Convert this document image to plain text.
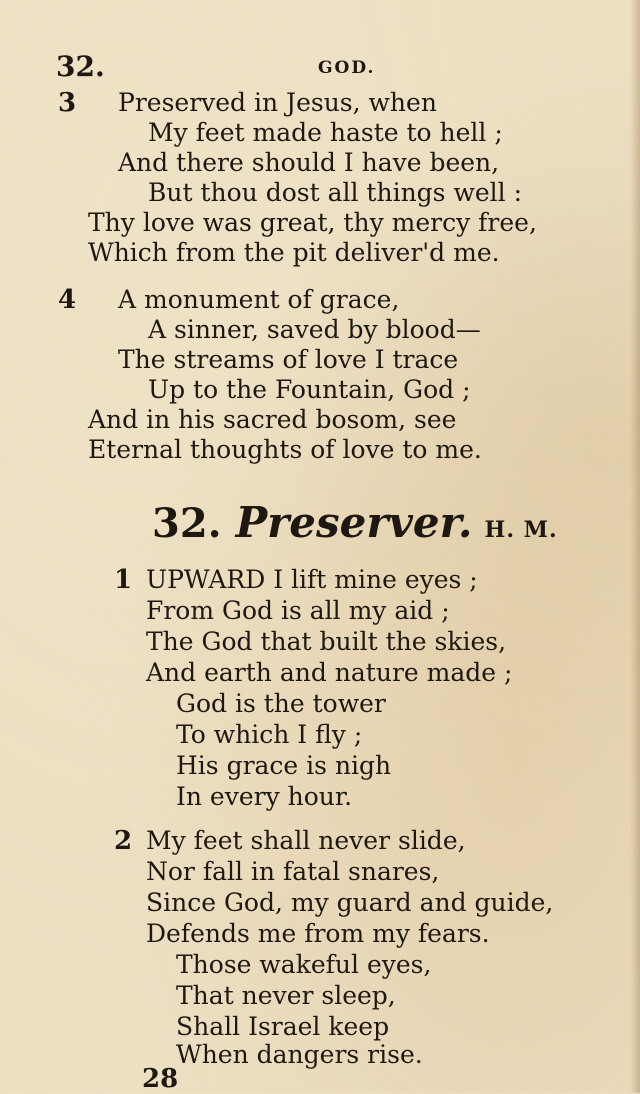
32.	GOD.
3 Preserved in Jesus, when
My feet made haste to hell ;
And there should I have been,
But thou dost all things well :
Thy love was great, thy mercy free,
Which from the pit deliver'd me.
4 A monument of grace,
A sinner, saved by blood—
The streams of love I trace
Up to the Fountain, God ;
And in his sacred bosom, see
Eternal thoughts of love to me.
32. Preserver. H. M.
1 UPWARD I lift mine eyes ;
From God is all my aid ;
The God that built the skies,
And earth and nature made ;
God is the tower
To which I fly ;
His grace is nigh
In every hour.
2 My feet shall never slide,
Nor fall in fatal snares,
Since God, my guard and guide,
Defends me from my fears.
Those wakeful eyes,
That never sleep,
Shall Israel keep
When dangers rise.
28
